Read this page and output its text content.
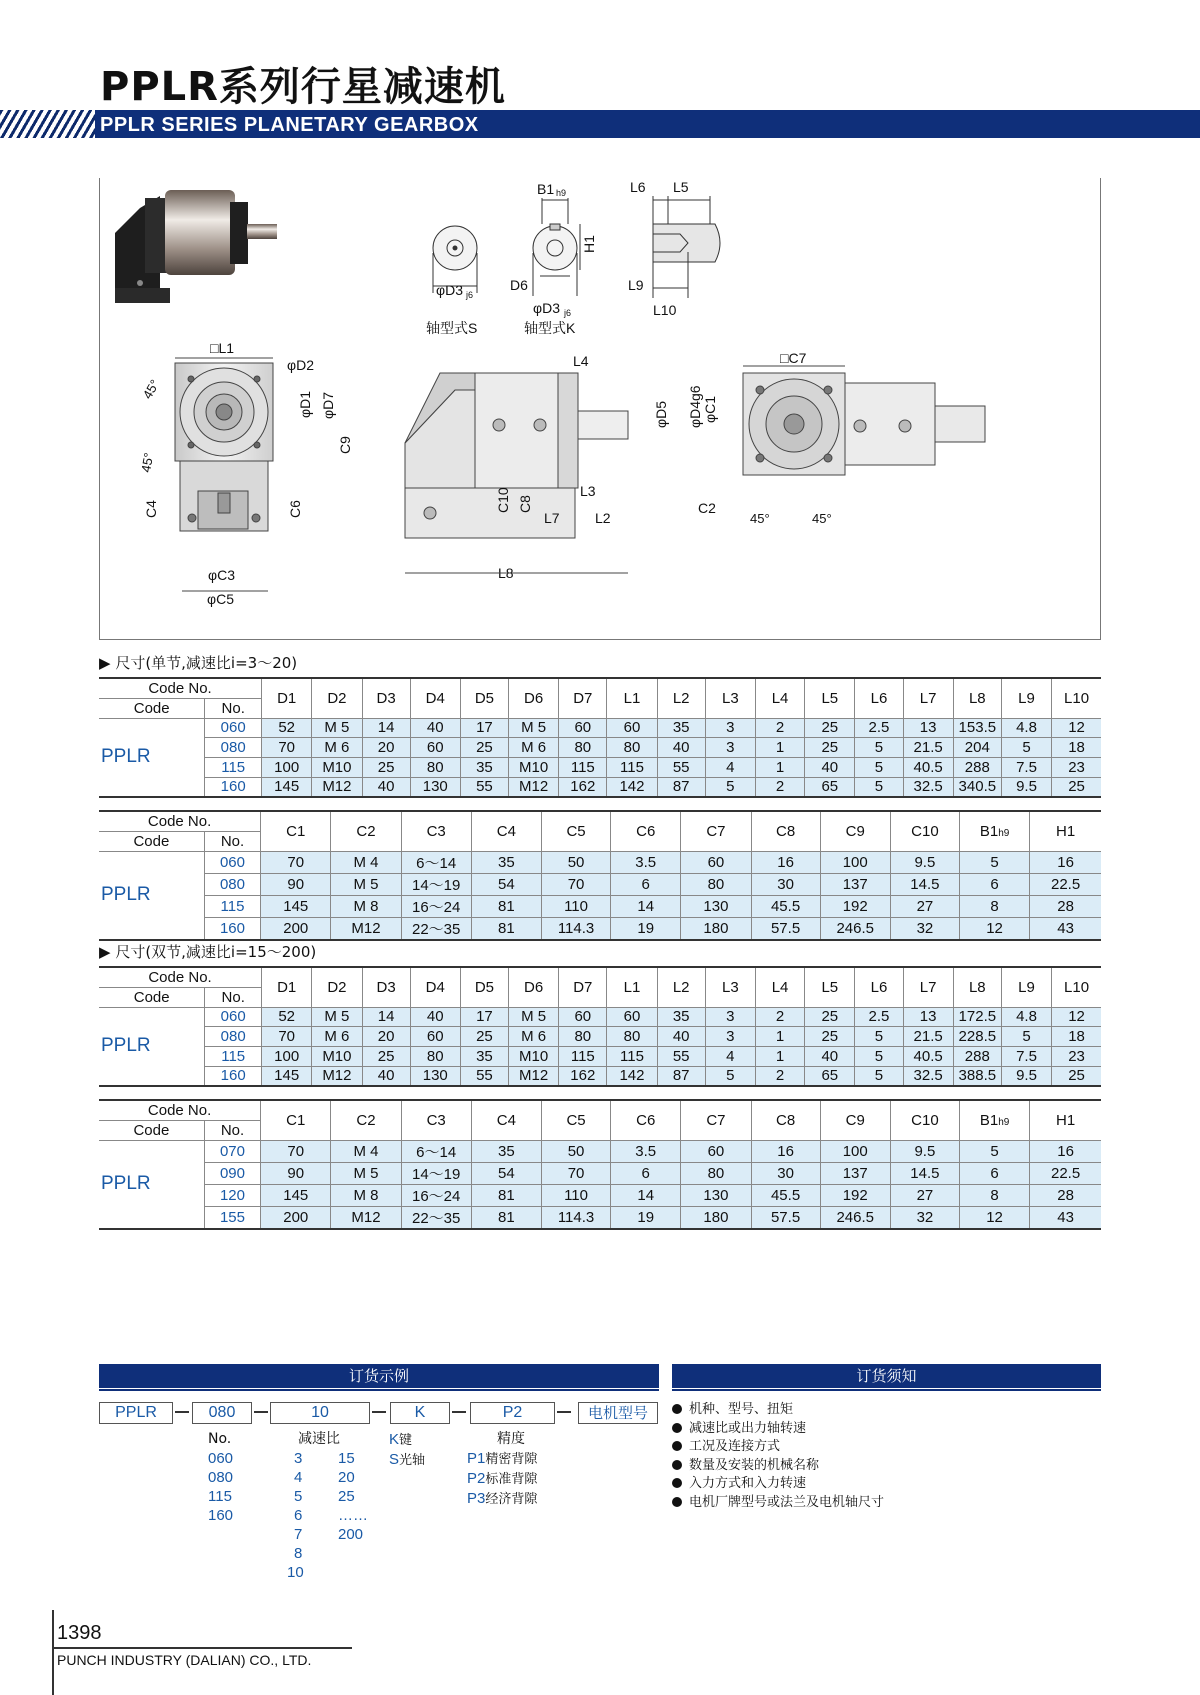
PPLR系列行星减速机
PPLR SERIES PLANETARY GEARBOX
φD3 j6
轴型式S
B1 h9
H1
D6
φD3 j6
轴型式K
L6 L5
L9
L10
□L1
φD2
φD1 φD7
45°
45°
C4	C6
φC3
φC5
C9
C10 C8
L7	L2
L3
L8
L4
φD5 φD4g6
□C7
φC1
C2
45°	45°
▶ 尺寸(单节,减速比i=3～20)
Code No.		D1	D2	D3	D4	D5	D6	D7	L1	L2	L3	L4	L5	L6	L7	L8	L9	L10
Code	No.																	
PPLR	060	52	M 5	14	40	17	M 5	60	60	35	3	2	25	2.5	13	153.5	4.8	12
	080	70	M 6	20	60	25	M 6	80	80	40	3	1	25	5	21.5	204	5	18
	115	100	M10	25	80	35	M10	115	115	55	4	1	40	5	40.5	288	7.5	23
	160	145	M12	40	130	55	M12	162	142	87	5	2	65	5	32.5	340.5	9.5	25
Code No.		C1	C2	C3	C4	C5	C6	C7	C8	C9	C10	B1h9	H1
Code	No.												
PPLR	060	70	M 4	6～14	35	50	3.5	60	16	100	9.5	5	16
	080	90	M 5	14～19	54	70	6	80	30	137	14.5	6	22.5
	115	145	M 8	16～24	81	110	14	130	45.5	192	27	8	28
	160	200	M12	22～35	81	114.3	19	180	57.5	246.5	32	12	43
▶ 尺寸(双节,减速比i=15～200)
Code No.		D1	D2	D3	D4	D5	D6	D7	L1	L2	L3	L4	L5	L6	L7	L8	L9	L10
Code	No.																	
PPLR	060	52	M 5	14	40	17	M 5	60	60	35	3	2	25	2.5	13	172.5	4.8	12
	080	70	M 6	20	60	25	M 6	80	80	40	3	1	25	5	21.5	228.5	5	18
	115	100	M10	25	80	35	M10	115	115	55	4	1	40	5	40.5	288	7.5	23
	160	145	M12	40	130	55	M12	162	142	87	5	2	65	5	32.5	388.5	9.5	25
Code No.		C1	C2	C3	C4	C5	C6	C7	C8	C9	C10	B1h9	H1
Code	No.												
PPLR	070	70	M 4	6～14	35	50	3.5	60	16	100	9.5	5	16
	090	90	M 5	14～19	54	70	6	80	30	137	14.5	6	22.5
	120	145	M 8	16～24	81	110	14	130	45.5	192	27	8	28
	155	200	M12	22～35	81	114.3	19	180	57.5	246.5	32	12	43
订货示例	订货须知
PPLR	080	10	K	P2	电机型号
No.
060
080
115
160
减速比
3
4
5
6
7
8
10
15
20
25
……
200
K键
S光轴
精度
P1精密背隙
P2标准背隙
P3经济背隙
机种、型号、扭矩
减速比或出力轴转速
工况及连接方式
数量及安装的机械名称
入力方式和入力转速
电机厂牌型号或法兰及电机轴尺寸
1398
PUNCH INDUSTRY (DALIAN) CO., LTD.
